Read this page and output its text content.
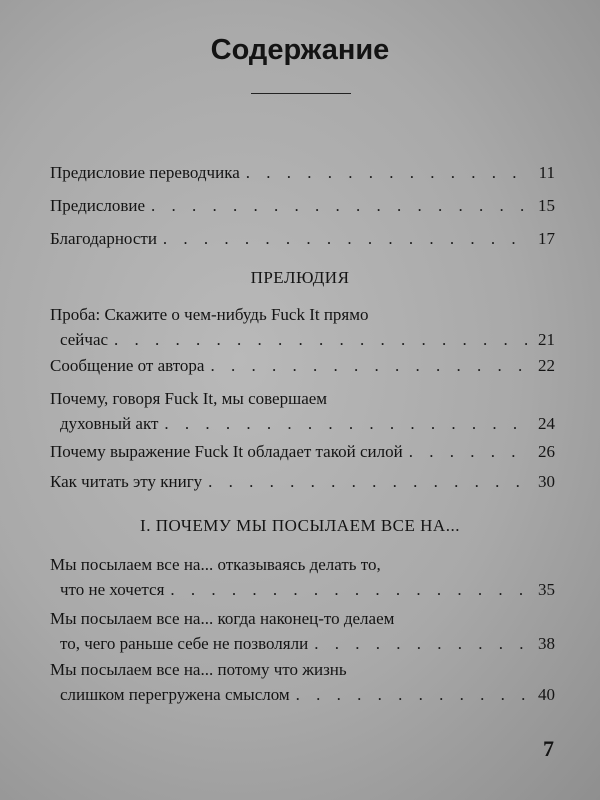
Содержание
Предисловие переводчика . . .	11
Предисловие . . .	15
Благодарности . . .	17
ПРЕЛЮДИЯ
Проба: Скажите о чем-нибудь Fuck It прямо
сейчас . . .	21
Сообщение от автора . . .	22
Почему, говоря Fuck It, мы совершаем
духовный акт . . .	24
Почему выражение Fuck It обладает такой силой . . .	26
Как читать эту книгу . . .	30
I. ПОЧЕМУ МЫ ПОСЫЛАЕМ ВСЕ НА...
Мы посылаем все на... отказываясь делать то,
что не хочется . . .	35
Мы посылаем все на... когда наконец-то делаем
то, чего раньше себе не позволяли . . .	38
Мы посылаем все на... потому что жизнь
слишком перегружена смыслом . . .	40
7
